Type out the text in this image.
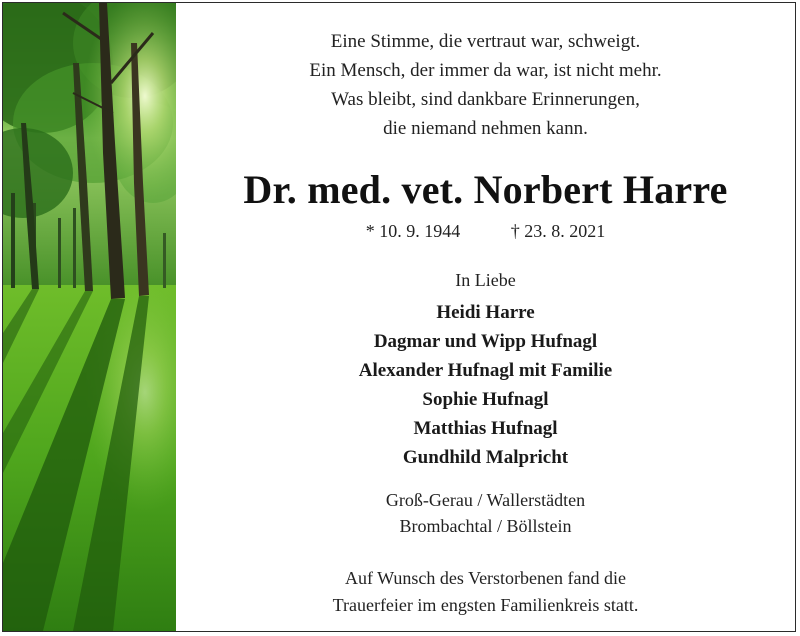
Eine Stimme, die vertraut war, schweigt.
Ein Mensch, der immer da war, ist nicht mehr.
Was bleibt, sind dankbare Erinnerungen,
die niemand nehmen kann.
Dr. med. vet. Norbert Harre
* 10. 9. 1944	† 23. 8. 2021
In Liebe
Heidi Harre
Dagmar und Wipp Hufnagl
Alexander Hufnagl mit Familie
Sophie Hufnagl
Matthias Hufnagl
Gundhild Malpricht
Groß-Gerau / Wallerstädten
Brombachtal / Böllstein
Auf Wunsch des Verstorbenen fand die
Trauerfeier im engsten Familienkreis statt.
